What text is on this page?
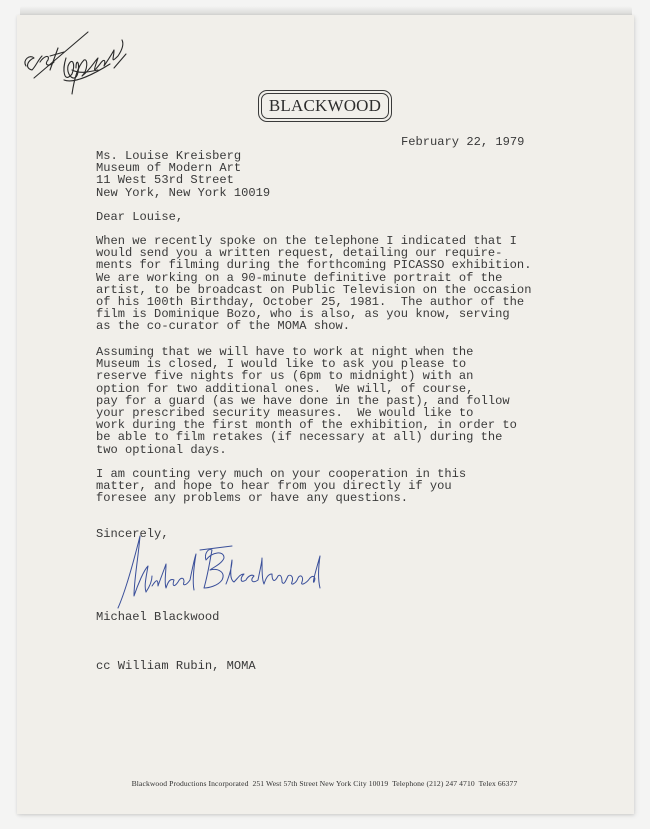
BLACKWOOD

February 22, 1979

Ms. Louise Kreisberg
Museum of Modern Art
11 West 53rd Street
New York, New York 10019

Dear Louise,

When we recently spoke on the telephone I indicated that I
would send you a written request, detailing our require-
ments for filming during the forthcoming PICASSO exhibition.
We are working on a 90-minute definitive portrait of the
artist, to be broadcast on Public Television on the occasion
of his 100th Birthday, October 25, 1981.  The author of the
film is Dominique Bozo, who is also, as you know, serving
as the co-curator of the MOMA show.
Assuming that we will have to work at night when the
Museum is closed, I would like to ask you please to
reserve five nights for us (6pm to midnight) with an
option for two additional ones.  We will, of course,
pay for a guard (as we have done in the past), and follow
your prescribed security measures.  We would like to
work during the first month of the exhibition, in order to
be able to film retakes (if necessary at all) during the
two optional days.
I am counting very much on your cooperation in this
matter, and hope to hear from you directly if you
foresee any problems or have any questions.

Sincerely,

Michael Blackwood

cc William Rubin, MOMA

Blackwood Productions Incorporated 251 West 57th Street New York City 10019 Telephone (212) 247 4710 Telex 66377
